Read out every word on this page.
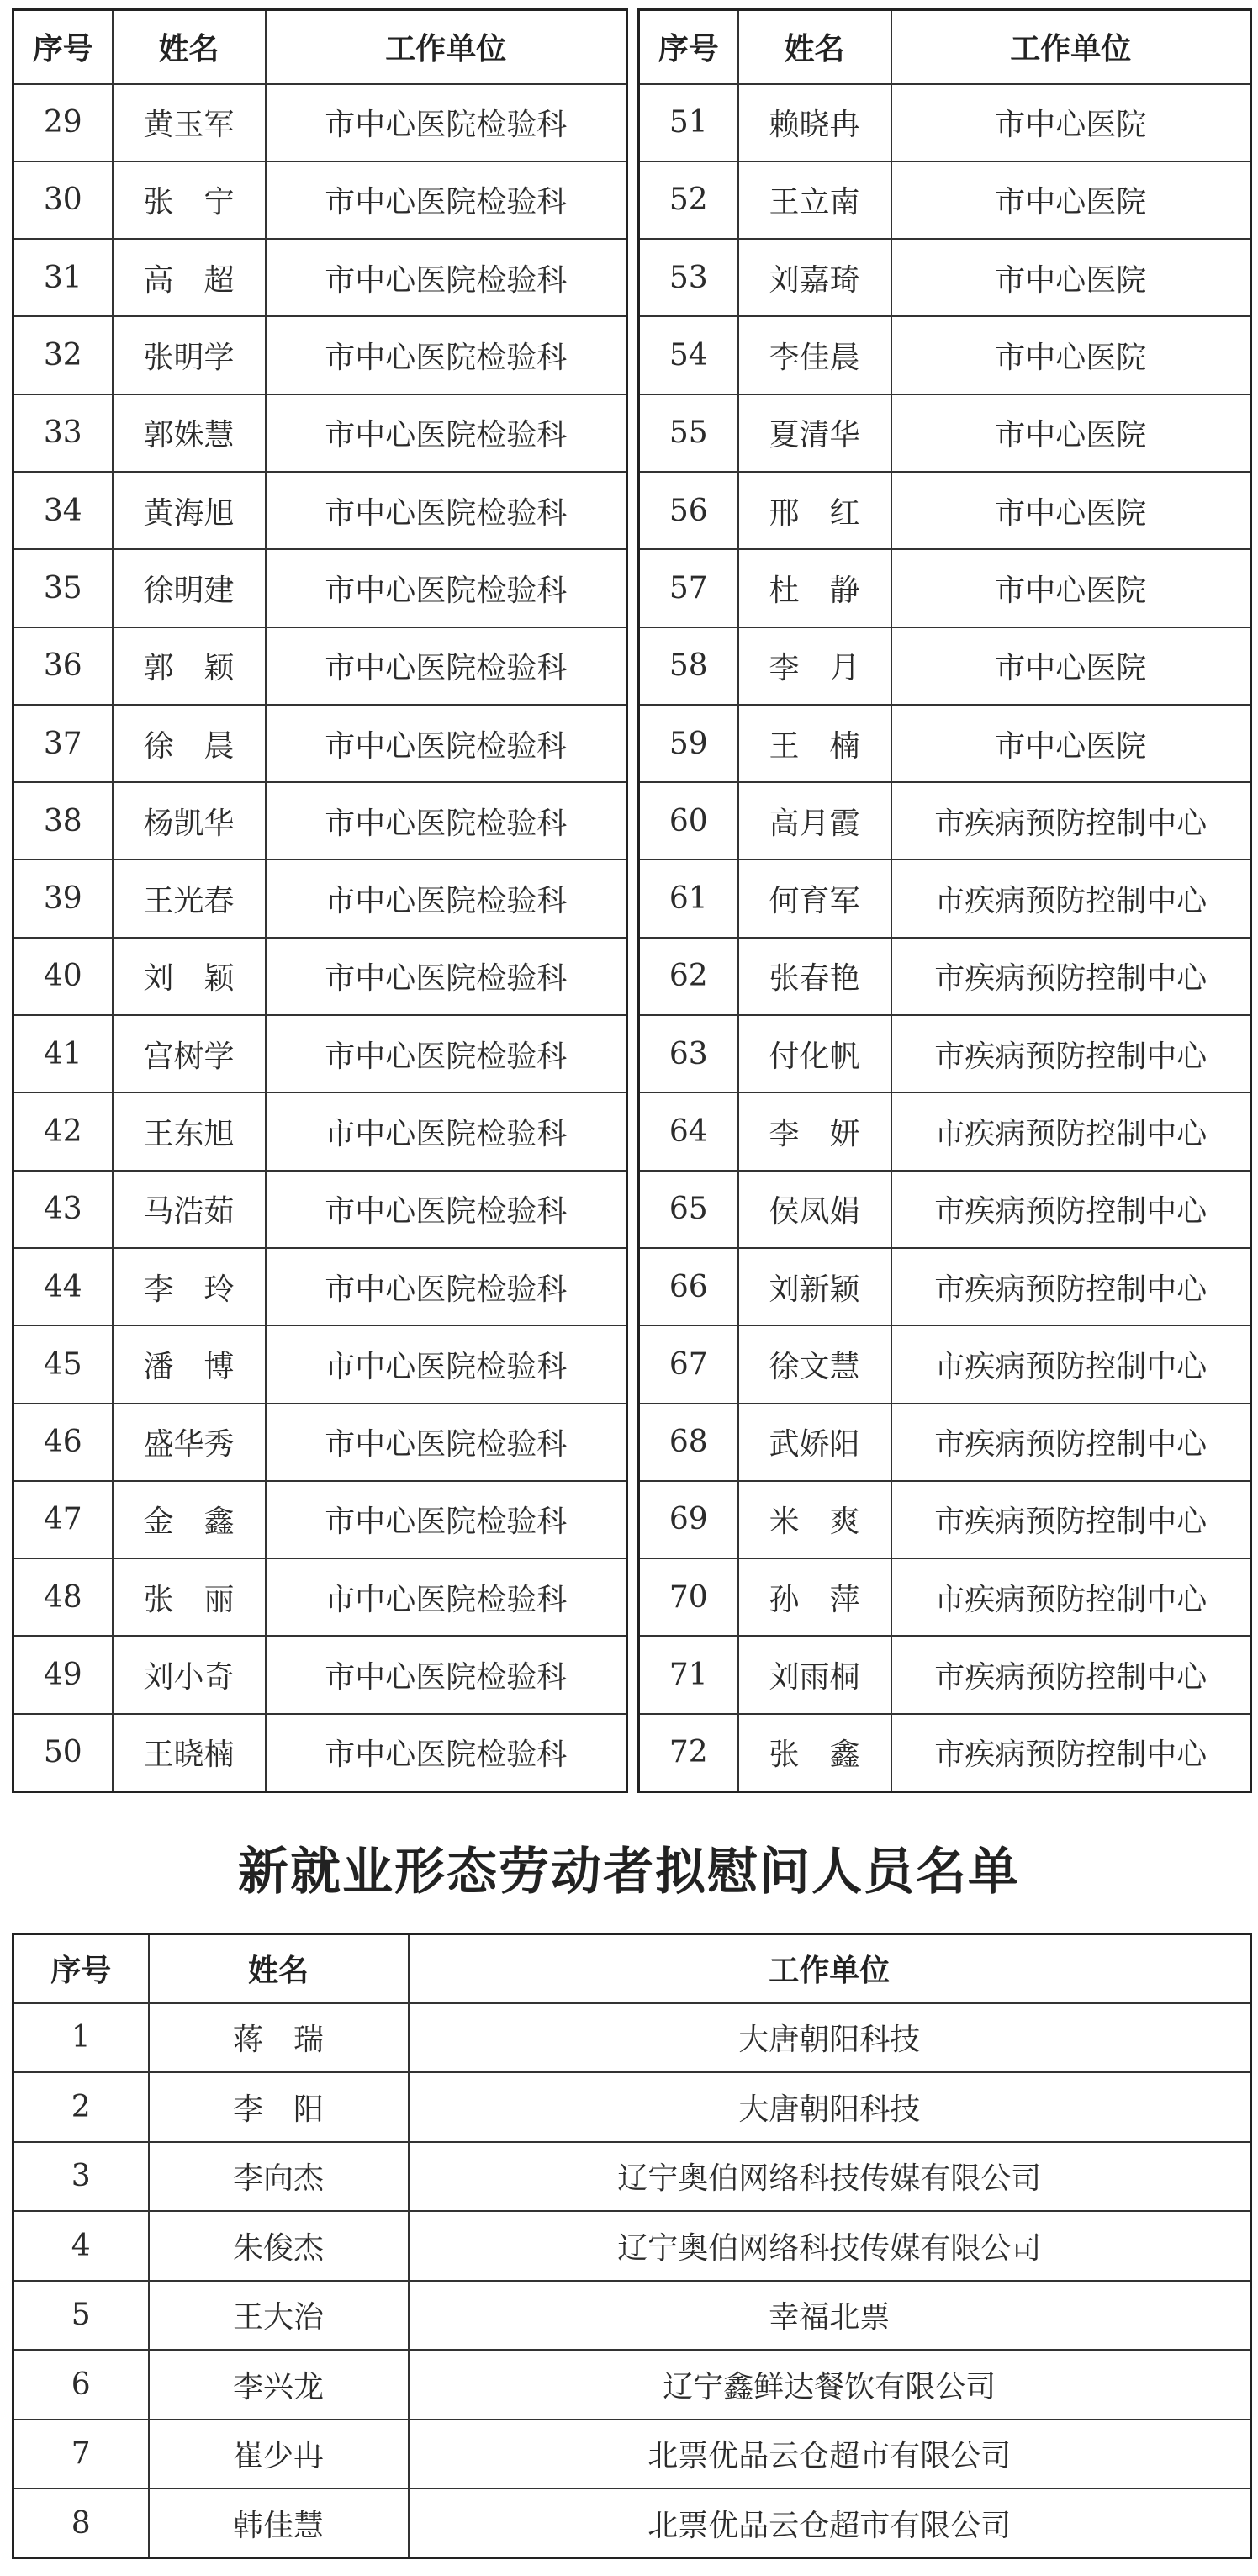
序号	姓名	工作单位
29	黄玉军	市中心医院检验科
30	张　宁	市中心医院检验科
31	高　超	市中心医院检验科
32	张明学	市中心医院检验科
33	郭姝慧	市中心医院检验科
34	黄海旭	市中心医院检验科
35	徐明建	市中心医院检验科
36	郭　颖	市中心医院检验科
37	徐　晨	市中心医院检验科
38	杨凯华	市中心医院检验科
39	王光春	市中心医院检验科
40	刘　颖	市中心医院检验科
41	宫树学	市中心医院检验科
42	王东旭	市中心医院检验科
43	马浩茹	市中心医院检验科
44	李　玲	市中心医院检验科
45	潘　博	市中心医院检验科
46	盛华秀	市中心医院检验科
47	金　鑫	市中心医院检验科
48	张　丽	市中心医院检验科
49	刘小奇	市中心医院检验科
50	王晓楠	市中心医院检验科
序号	姓名	工作单位
51	赖晓冉	市中心医院
52	王立南	市中心医院
53	刘嘉琦	市中心医院
54	李佳晨	市中心医院
55	夏清华	市中心医院
56	邢　红	市中心医院
57	杜　静	市中心医院
58	李　月	市中心医院
59	王　楠	市中心医院
60	高月霞	市疾病预防控制中心
61	何育军	市疾病预防控制中心
62	张春艳	市疾病预防控制中心
63	付化帆	市疾病预防控制中心
64	李　妍	市疾病预防控制中心
65	侯凤娟	市疾病预防控制中心
66	刘新颖	市疾病预防控制中心
67	徐文慧	市疾病预防控制中心
68	武娇阳	市疾病预防控制中心
69	米　爽	市疾病预防控制中心
70	孙　萍	市疾病预防控制中心
71	刘雨桐	市疾病预防控制中心
72	张　鑫	市疾病预防控制中心
新就业形态劳动者拟慰问人员名单
序号	姓名	工作单位
1	蒋　瑞	大唐朝阳科技
2	李　阳	大唐朝阳科技
3	李向杰	辽宁奥伯网络科技传媒有限公司
4	朱俊杰	辽宁奥伯网络科技传媒有限公司
5	王大治	幸福北票
6	李兴龙	辽宁鑫鲜达餐饮有限公司
7	崔少冉	北票优品云仓超市有限公司
8	韩佳慧	北票优品云仓超市有限公司
